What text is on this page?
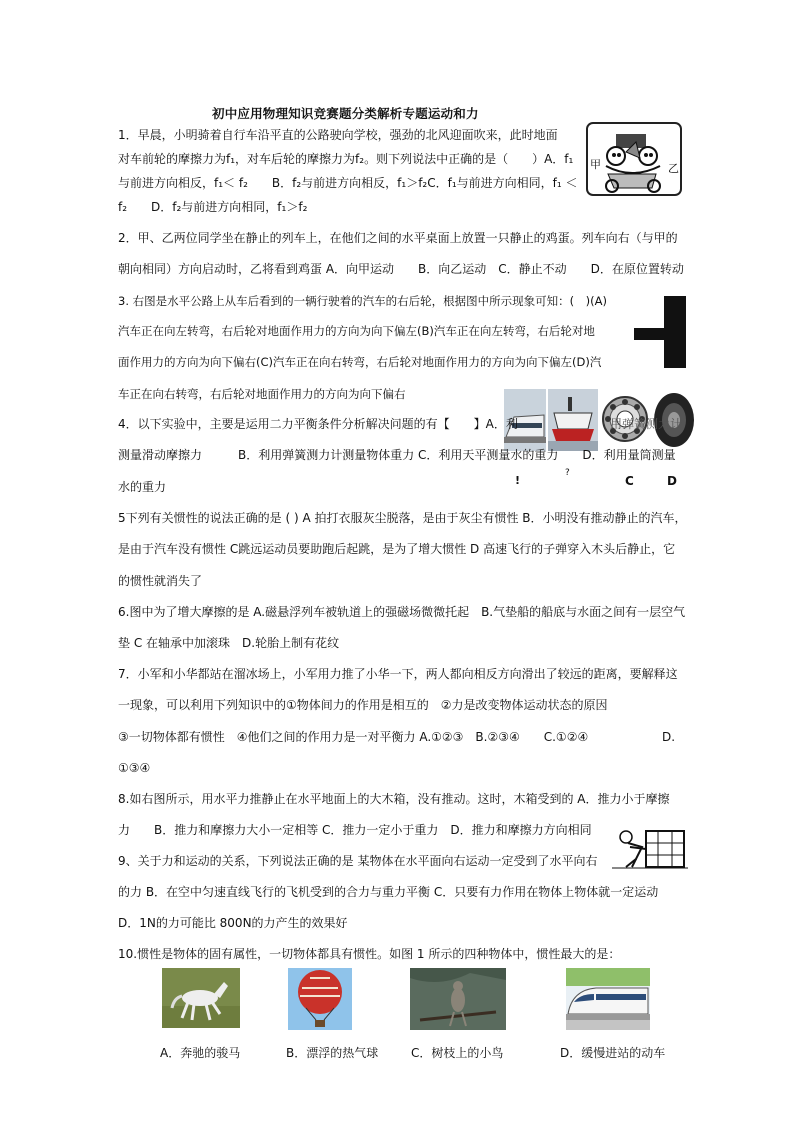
初中应用物理知识竞赛题分类解析专题运动和力
1．早晨，小明骑着自行车沿平直的公路驶向学校，强劲的北风迎面吹来，此时地面
对车前轮的摩擦力为f₁，对车后轮的摩擦力为f₂。则下列说法中正确的是（　　）A．f₁
与前进方向相反，f₁＜ f₂　　B．f₂与前进方向相反，f₁＞f₂C．f₁与前进方向相同，f₁ ＜
f₂　　D．f₂与前进方向相同，f₁＞f₂
甲	乙
2．甲、乙两位同学坐在静止的列车上，在他们之间的水平桌面上放置一只静止的鸡蛋。列车向右（与甲的
朝向相同）方向启动时，乙将看到鸡蛋 A．向甲运动　　B．向乙运动　C．静止不动　　D．在原位置转动
3. 右图是水平公路上从车后看到的一辆行驶着的汽车的右后轮，根据图中所示现象可知：(　)(A)
汽车正在向左转弯，右后轮对地面作用力的方向为向下偏左(B)汽车正在向左转弯，右后轮对地
面作用力的方向为向下偏右(C)汽车正在向右转弯，右后轮对地面作用力的方向为向下偏左(D)汽
车正在向右转弯，右后轮对地面作用力的方向为向下偏右
4．以下实验中，主要是运用二力平衡条件分析解决问题的有【　　】A．利	用弹簧测力计
测量滑动摩擦力　　　B．利用弹簧测力计测量物体重力 C．利用天平测量水的重力　　D．利用量筒测量
水的重力	!
?
C	D
5下列有关惯性的说法正确的是 ( ) A 拍打衣服灰尘脱落，是由于灰尘有惯性 B．小明没有推动静止的汽车，
是由于汽车没有惯性 C跳远运动员要助跑后起跳，是为了增大惯性 D 高速飞行的子弹穿入木头后静止，它
的惯性就消失了
6.图中为了增大摩擦的是 A.磁悬浮列车被轨道上的强磁场微微托起　B.气垫船的船底与水面之间有一层空气
垫 C 在轴承中加滚珠　D.轮胎上制有花纹
7．小军和小华都站在溜冰场上，小军用力推了小华一下，两人都向相反方向滑出了较远的距离，要解释这
一现象，可以利用下列知识中的①物体间力的作用是相互的　②力是改变物体运动状态的原因
③一切物体都有惯性　④他们之间的作用力是一对平衡力 A.①②③　B.②③④　　C.①②④	D.
①③④
8.如右图所示，用水平力推静止在水平地面上的大木箱，没有推动。这时，木箱受到的 A．推力小于摩擦
力　　B．推力和摩擦力大小一定相等 C．推力一定小于重力　D．推力和摩擦力方向相同
9、关于力和运动的关系，下列说法正确的是 某物体在水平面向右运动一定受到了水平向右
的力 B．在空中匀速直线飞行的飞机受到的合力与重力平衡 C．只要有力作用在物体上物体就一定运动
D．1N的力可能比 800N的力产生的效果好
10.惯性是物体的固有属性，一切物体都具有惯性。如图 1 所示的四种物体中，惯性最大的是：
A．奔驰的骏马	B．漂浮的热气球	C．树枝上的小鸟	D．缓慢进站的动车
